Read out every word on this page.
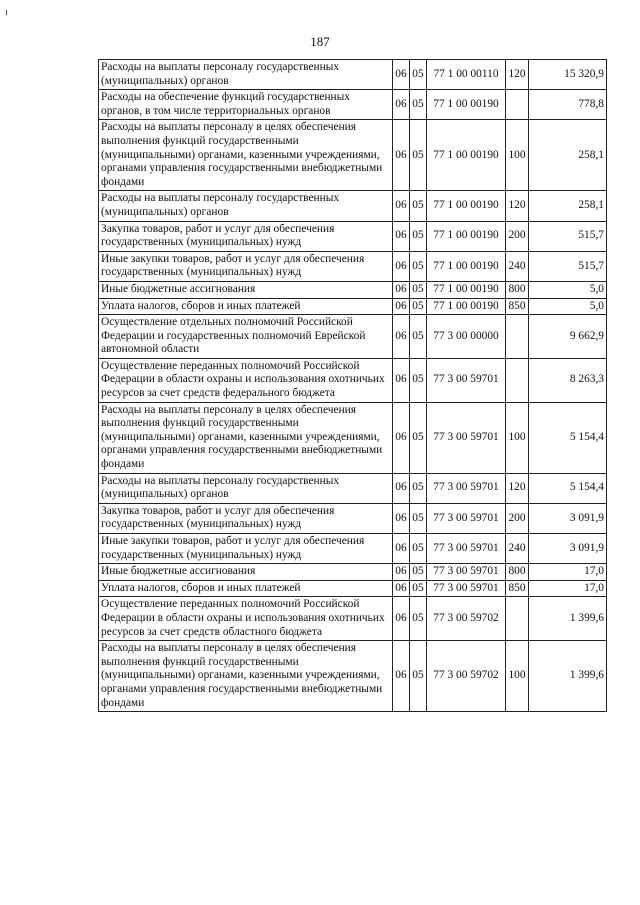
187
Расходы на выплаты персоналу государственных (муниципальных) органов	06	05	77 1 00 00110	120	15 320,9
Расходы на обеспечение функций государственных органов, в том числе территориальных органов	06	05	77 1 00 00190		778,8
Расходы на выплаты персоналу в целях обеспечения выполнения функций государственными (муниципальными) органами, казенными учреждениями, органами управления государственными внебюджетными фондами	06	05	77 1 00 00190	100	258,1
Расходы на выплаты персоналу государственных (муниципальных) органов	06	05	77 1 00 00190	120	258,1
Закупка товаров, работ и услуг для обеспечения государственных (муниципальных) нужд	06	05	77 1 00 00190	200	515,7
Иные закупки товаров, работ и услуг для обеспечения государственных (муниципальных) нужд	06	05	77 1 00 00190	240	515,7
Иные бюджетные ассигнования	06	05	77 1 00 00190	800	5,0
Уплата налогов, сборов и иных платежей	06	05	77 1 00 00190	850	5,0
Осуществление отдельных полномочий Российской Федерации и государственных полномочий Еврейской автономной области	06	05	77 3 00 00000		9 662,9
Осуществление переданных полномочий Российской Федерации в области охраны и использования охотничьих ресурсов за счет средств федерального бюджета	06	05	77 3 00 59701		8 263,3
Расходы на выплаты персоналу в целях обеспечения выполнения функций государственными (муниципальными) органами, казенными учреждениями, органами управления государственными внебюджетными фондами	06	05	77 3 00 59701	100	5 154,4
Расходы на выплаты персоналу государственных (муниципальных) органов	06	05	77 3 00 59701	120	5 154,4
Закупка товаров, работ и услуг для обеспечения государственных (муниципальных) нужд	06	05	77 3 00 59701	200	3 091,9
Иные закупки товаров, работ и услуг для обеспечения государственных (муниципальных) нужд	06	05	77 3 00 59701	240	3 091,9
Иные бюджетные ассигнования	06	05	77 3 00 59701	800	17,0
Уплата налогов, сборов и иных платежей	06	05	77 3 00 59701	850	17,0
Осуществление переданных полномочий Российской Федерации в области охраны и использования охотничьих ресурсов за счет средств областного бюджета	06	05	77 3 00 59702		1 399,6
Расходы на выплаты персоналу в целях обеспечения выполнения функций государственными (муниципальными) органами, казенными учреждениями, органами управления государственными внебюджетными фондами	06	05	77 3 00 59702	100	1 399,6
